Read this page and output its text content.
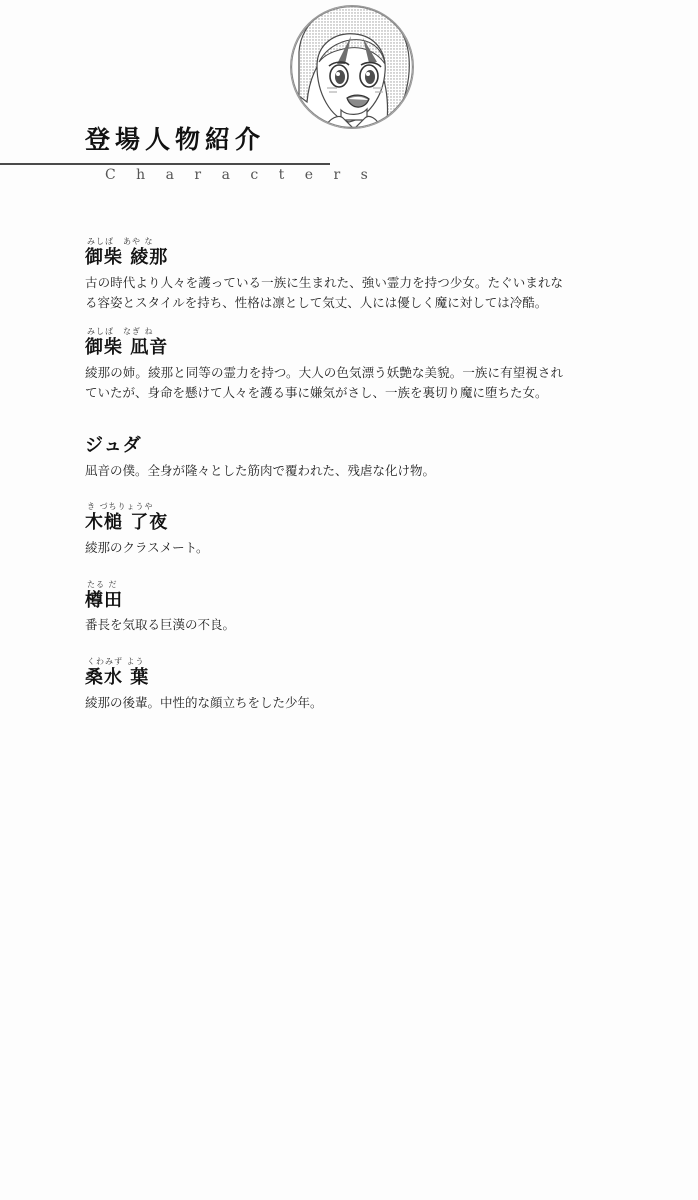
登場人物紹介
C h a r a c t e r s
みしば　あや な
御柴 綾那
古の時代より人々を護っている一族に生まれた、強い霊力を持つ少女。たぐいまれなる容姿とスタイルを持ち、性格は凛として気丈、人には優しく魔に対しては冷酷。
みしば　なぎ ね
御柴 凪音
綾那の姉。綾那と同等の霊力を持つ。大人の色気漂う妖艶な美貌。一族に有望視されていたが、身命を懸けて人々を護る事に嫌気がさし、一族を裏切り魔に堕ちた女。
ジュダ
凪音の僕。全身が隆々とした筋肉で覆われた、残虐な化け物。
き づちりょうや
木槌 了夜
綾那のクラスメート。
たる だ
樽田
番長を気取る巨漢の不良。
くわみず よう
桑水 葉
綾那の後輩。中性的な顔立ちをした少年。
